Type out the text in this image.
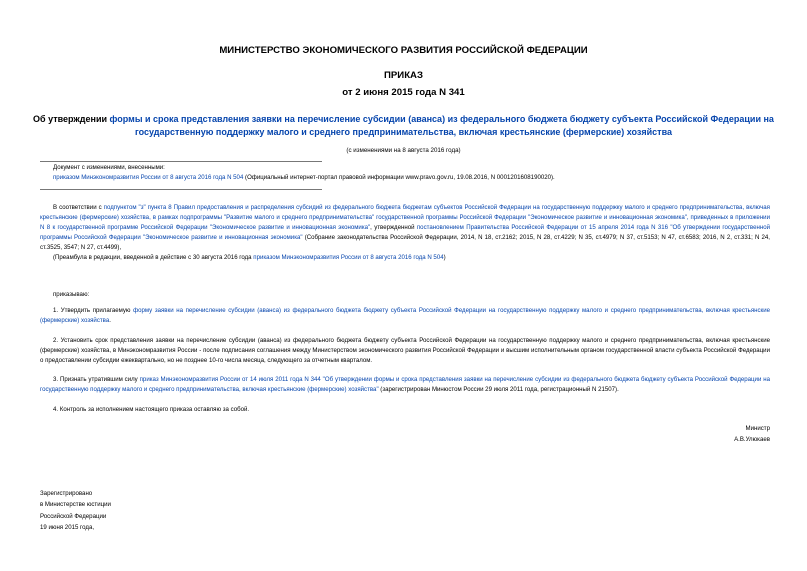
МИНИСТЕРСТВО ЭКОНОМИЧЕСКОГО РАЗВИТИЯ РОССИЙСКОЙ ФЕДЕРАЦИИ
ПРИКАЗ
от 2 июня 2015 года N 341
Об утверждении формы и срока представления заявки на перечисление субсидии (авансa) из федерального бюджета бюджету субъекта Российской Федерации на государственную поддержку малого и среднего предпринимательства, включая крестьянские (фермерские) хозяйства
(с изменениями на 8 августа 2016 года)

Документ с изменениями, внесенными:

приказом Минэкономразвития России от 8 августа 2016 года N 504 (Официальный интернет-портал правовой информации www.pravo.gov.ru, 19.08.2016, N 0001201608190020).

В соответствии с подпунктом "з" пункта 8 Правил предоставления и распределения субсидий из федерального бюджета бюджетам субъектов Российской Федерации на государственную поддержку малого и среднего предпринимательства, включая крестьянские (фермерские) хозяйства, в рамках подпрограммы "Развитие малого и среднего предпринимательства" государственной программы Российской Федерации "Экономическое развитие и инновационная экономика", приведенных в приложении N 8 к государственной программе Российской Федерации "Экономическое развитие и инновационная экономика", утвержденной постановлением Правительства Российской Федерации от 15 апреля 2014 года N 316 "Об утверждении государственной программы Российской Федерации "Экономическое развитие и инновационная экономика" (Собрание законодательства Российской Федерации, 2014, N 18, ст.2162; 2015, N 28, ст.4229; N 35, ст.4979; N 37, ст.5153; N 47, ст.6583; 2016, N 2, ст.331; N 24, ст.3525, 3547; N 27, ст.4499),

(Преамбула в редакции, введенной в действие с 30 августа 2016 года приказом Минэкономразвития России от 8 августа 2016 года N 504)

приказываю:

1. Утвердить прилагаемую форму заявки на перечисление субсидии (авансa) из федерального бюджета бюджету субъекта Российской Федерации на государственную поддержку малого и среднего предпринимательства, включая крестьянские (фермерские) хозяйства.

2. Установить срок представления заявки на перечисление субсидии (авансa) из федерального бюджета бюджету субъекта Российской Федерации на государственную поддержку малого и среднего предпринимательства, включая крестьянские (фермерские) хозяйства, в Минэкономразвития России - после подписания соглашения между Министерством экономического развития Российской Федерации и высшим исполнительным органом государственной власти субъекта Российской Федерации о предоставлении субсидии ежеквартально, но не позднее 10-го числа месяца, следующего за отчетным кварталом.

3. Признать утратившим силу приказ Минэкономразвития России от 14 июля 2011 года N 344 "Об утверждении формы и срока представления заявки на перечисление субсидии из федерального бюджета бюджету субъекта Российской Федерации на государственную поддержку малого и среднего предпринимательства, включая крестьянские (фермерские) хозяйства" (зарегистрирован Минюстом России 29 июля 2011 года, регистрационный N 21507).

4. Контроль за исполнением настоящего приказа оставляю за собой.
Министр
А.В.Улюкаев
Зарегистрировано
в Министерстве юстиции
Российской Федерации
19 июня 2015 года,
